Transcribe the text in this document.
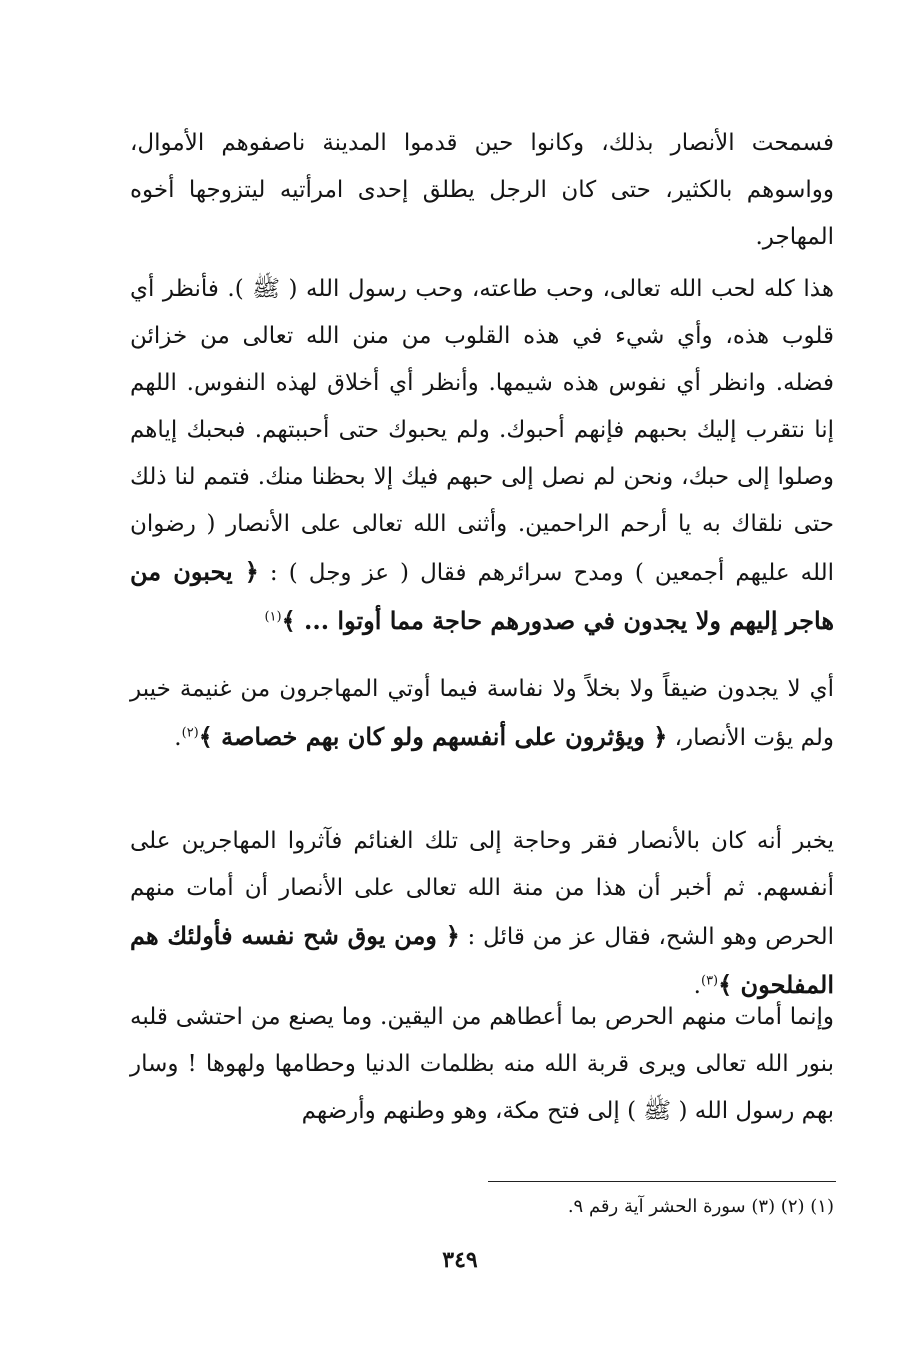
فسمحت الأنصار بذلك، وكانوا حين قدموا المدينة ناصفوهم الأموال، وواسوهم بالكثير، حتى كان الرجل يطلق إحدى امرأتيه ليتزوجها أخوه المهاجر.

هذا كله لحب الله تعالى، وحب طاعته، وحب رسول الله ( ﷺ ). فأنظر أي قلوب هذه، وأي شيء في هذه القلوب من منن الله تعالى من خزائن فضله. وانظر أي نفوس هذه شيمها. وأنظر أي أخلاق لهذه النفوس. اللهم إنا نتقرب إليك بحبهم فإنهم أحبوك. ولم يحبوك حتى أحببتهم. فبحبك إياهم وصلوا إلى حبك، ونحن لم نصل إلى حبهم فيك إلا بحظنا منك. فتمم لنا ذلك حتى نلقاك به يا أرحم الراحمين. وأثنى الله تعالى على الأنصار ( رضوان الله عليهم أجمعين ) ومدح سرائرهم فقال ( عز وجل ) : ﴿ يحبون من هاجر إليهم ولا يجدون في صدورهم حاجة مما أوتوا ... ﴾$^{(١)}$

أي لا يجدون ضيقاً ولا بخلاً ولا نفاسة فيما أوتي المهاجرون من غنيمة خيبر ولم يؤت الأنصار، ﴿ ويؤثرون على أنفسهم ولو كان بهم خصاصة ﴾$^{(٢)}$.

يخبر أنه كان بالأنصار فقر وحاجة إلى تلك الغنائم فآثروا المهاجرين على أنفسهم. ثم أخبر أن هذا من منة الله تعالى على الأنصار أن أمات منهم الحرص وهو الشح، فقال عز من قائل : ﴿ ومن يوق شح نفسه فأولئك هم المفلحون ﴾$^{(٣)}$.

وإنما أمات منهم الحرص بما أعطاهم من اليقين. وما يصنع من احتشى قلبه بنور الله تعالى ويرى قربة الله منه بظلمات الدنيا وحطامها ولهوها ! وسار بهم رسول الله ( ﷺ ) إلى فتح مكة، وهو وطنهم وأرضهم

(١) (٢) (٣) سورة الحشر آية رقم ٩.
٣٤٩
